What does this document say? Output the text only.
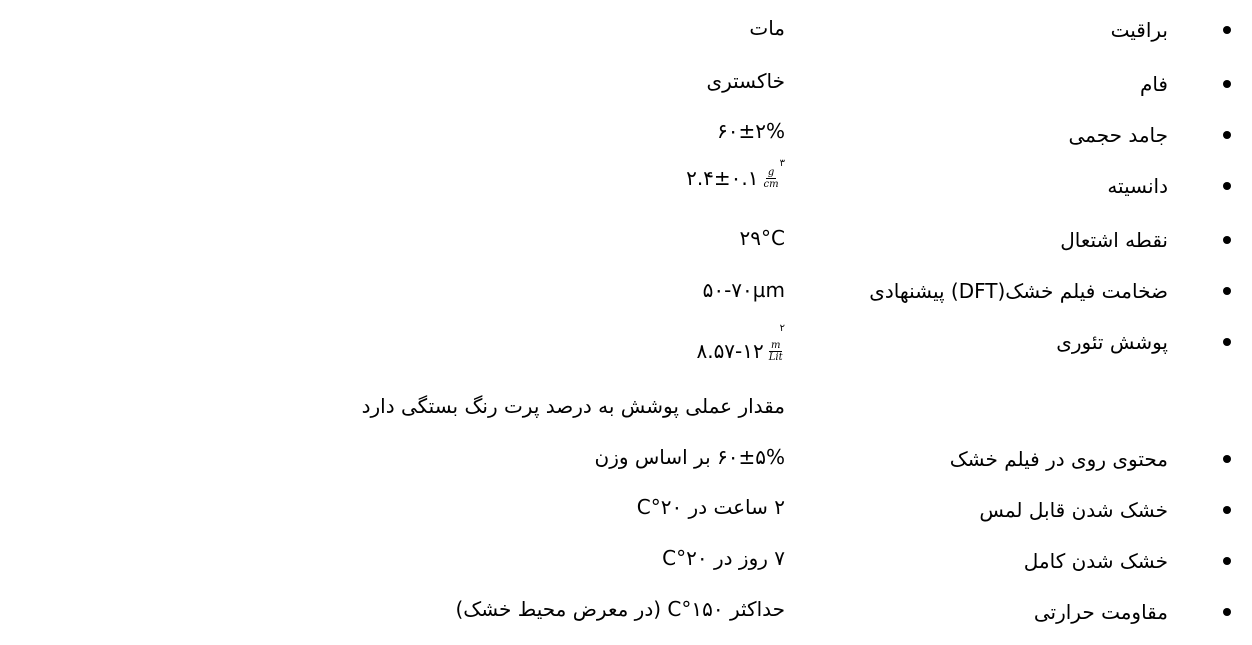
براقیت
مات
فام
خاکستری
جامد حجمی
۶۰±۲%
دانسیته
۲.۴±۰.۱ $\frac{g}{cm}$
۳
نقطه اشتعال
۲۹°C
ضخامت فیلم خشک(DFT) پیشنهادی
۵۰-۷۰µm
پوشش تئوری
۸.۵۷-۱۲ $\frac{m}{\text{Lit}}$
۲
مقدار عملی پوشش به درصد پرت رنگ بستگی دارد
محتوی روی در فیلم خشک
۶۰±۵% بر اساس وزن
خشک شدن قابل لمس
۲ ساعت در ۲۰°C
خشک شدن کامل
۷ روز در ۲۰°C
مقاومت حرارتی
حداکثر ۱۵۰°C (در معرض محیط خشک)
